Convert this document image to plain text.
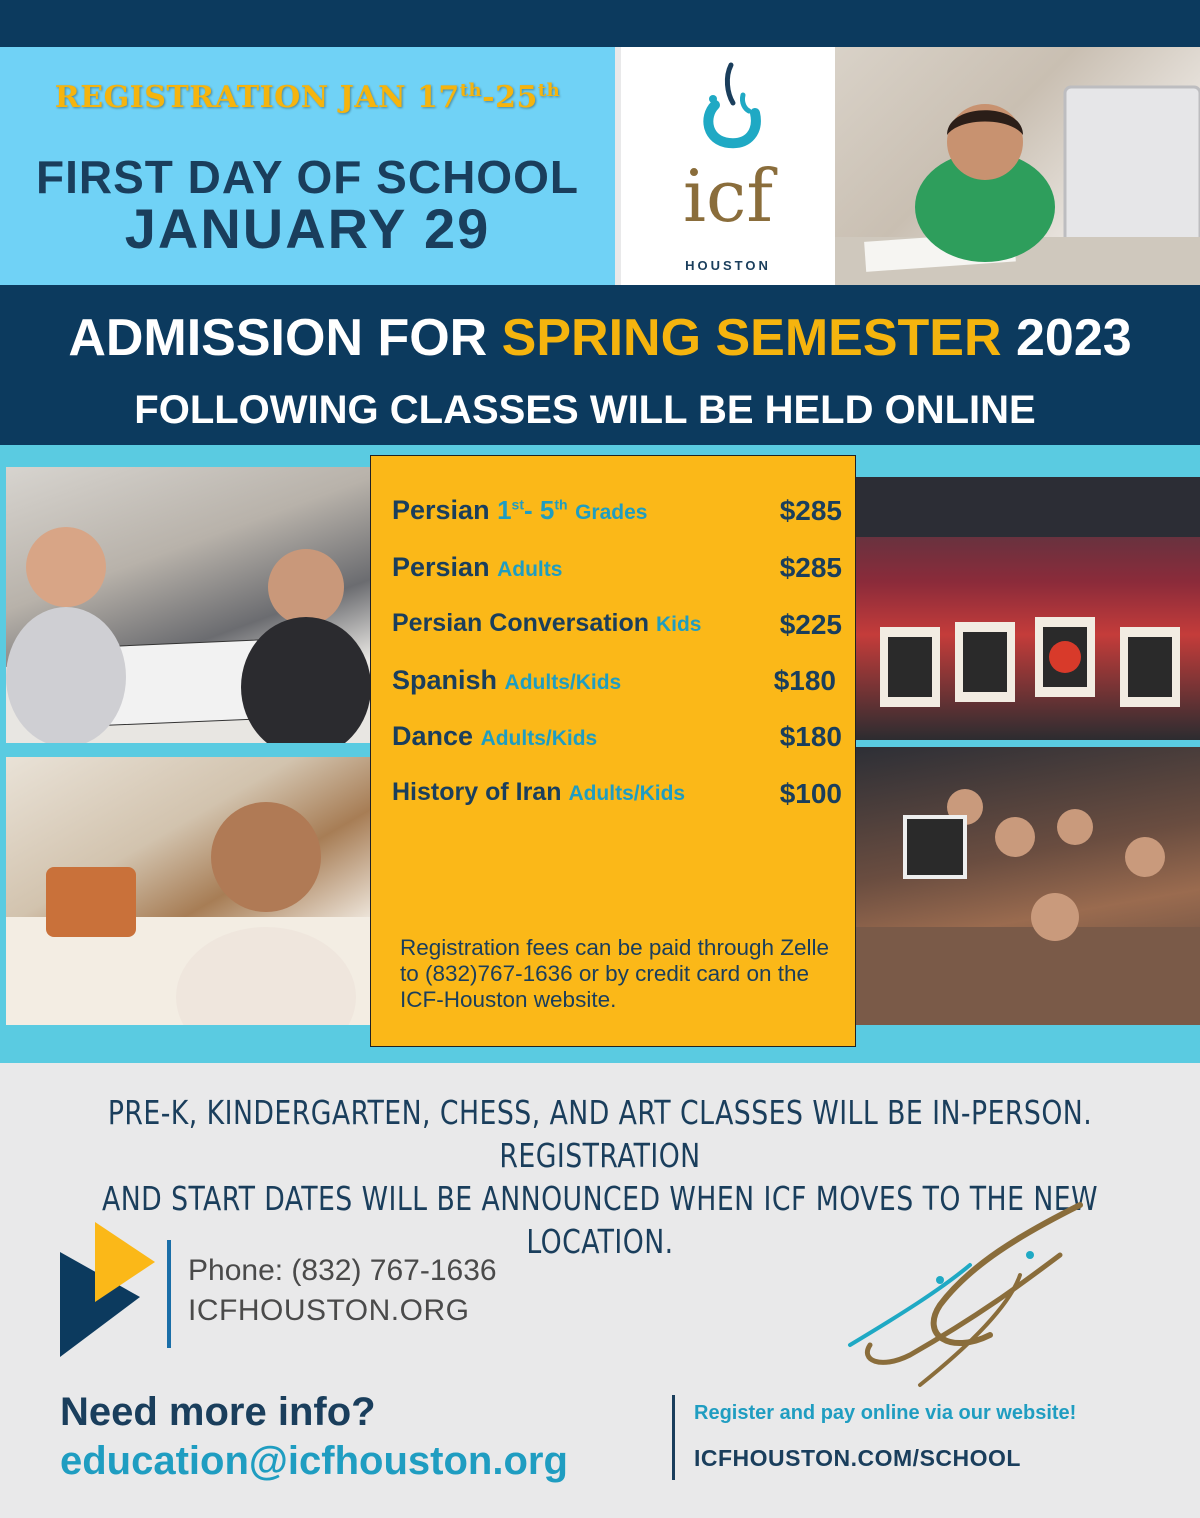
REGISTRATION JAN 17th-25th
FIRST DAY OF SCHOOL
JANUARY 29	icf
HOUSTON
ADMISSION FOR SPRING SEMESTER 2023
FOLLOWING CLASSES WILL BE HELD ONLINE
Persian 1st- 5th Grades	$285
Persian Adults	$285
Persian Conversation Kids	$225
Spanish Adults/Kids	$180
Dance Adults/Kids	$180
History of Iran Adults/Kids	$100
Registration fees can be paid through Zelle to (832)767-1636 or by credit card on the ICF-Houston website.
PRE-K, KINDERGARTEN, CHESS, AND ART CLASSES WILL BE IN-PERSON. REGISTRATION
AND START DATES WILL BE ANNOUNCED WHEN ICF MOVES TO THE NEW LOCATION.
Phone: (832) 767-1636
ICFHOUSTON.ORG
Need more info?
education@icfhouston.org
Register and pay online via our website!
ICFHOUSTON.COM/SCHOOL
